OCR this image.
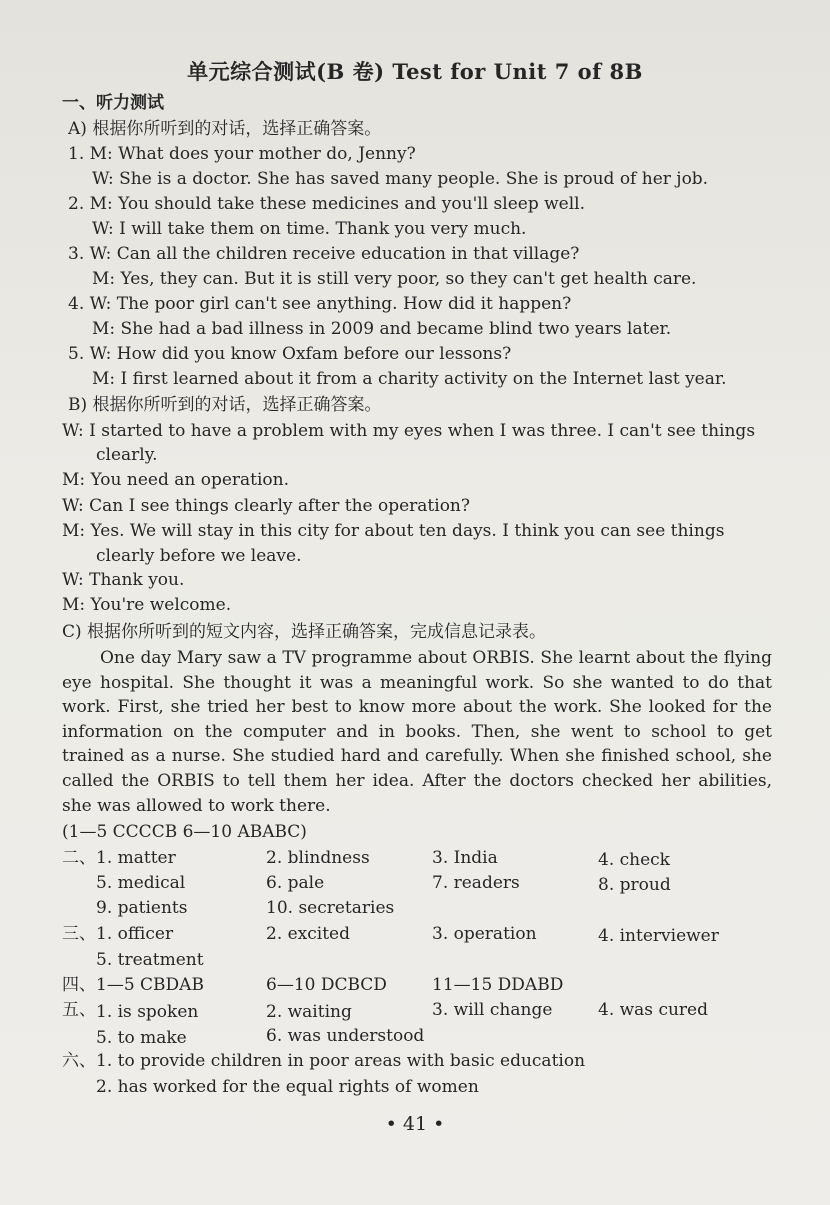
单元综合测试(B 卷) Test for Unit 7 of 8B
一、听力测试
A) 根据你所听到的对话，选择正确答案。
1. M: What does your mother do, Jenny?
W: She is a doctor. She has saved many people. She is proud of her job.
2. M: You should take these medicines and you'll sleep well.
W: I will take them on time. Thank you very much.
3. W: Can all the children receive education in that village?
M: Yes, they can. But it is still very poor, so they can't get health care.
4. W: The poor girl can't see anything. How did it happen?
M: She had a bad illness in 2009 and became blind two years later.
5. W: How did you know Oxfam before our lessons?
M: I first learned about it from a charity activity on the Internet last year.
B) 根据你所听到的对话，选择正确答案。
W: I started to have a problem with my eyes when I was three. I can't see things
clearly.
M: You need an operation.
W: Can I see things clearly after the operation?
M: Yes. We will stay in this city for about ten days. I think you can see things
clearly before we leave.
W: Thank you.
M: You're welcome.
C) 根据你所听到的短文内容，选择正确答案，完成信息记录表。
One day Mary saw a TV programme about ORBIS. She learnt about the flying eye hospital. She thought it was a meaningful work. So she wanted to do that work. First, she tried her best to know more about the work. She looked for the information on the computer and in books. Then, she went to school to get trained as a nurse. She studied hard and carefully. When she finished school, she called the ORBIS to tell them her idea. After the doctors checked her abilities, she was allowed to work there.
(1—5 CCCCB 6—10 ABABC)
二、 1. matter	2. blindness	3. India	4. check
5. medical	6. pale	7. readers	8. proud
9. patients	10. secretaries
三、 1. officer	2. excited	3. operation	4. interviewer
5. treatment
四、 1—5 CBDAB	6—10 DCBCD	11—15 DDABD
五、 1. is spoken	2. waiting	3. will change	4. was cured
5. to make	6. was understood
六、 1. to provide children in poor areas with basic education
2. has worked for the equal rights of women
• 41 •
